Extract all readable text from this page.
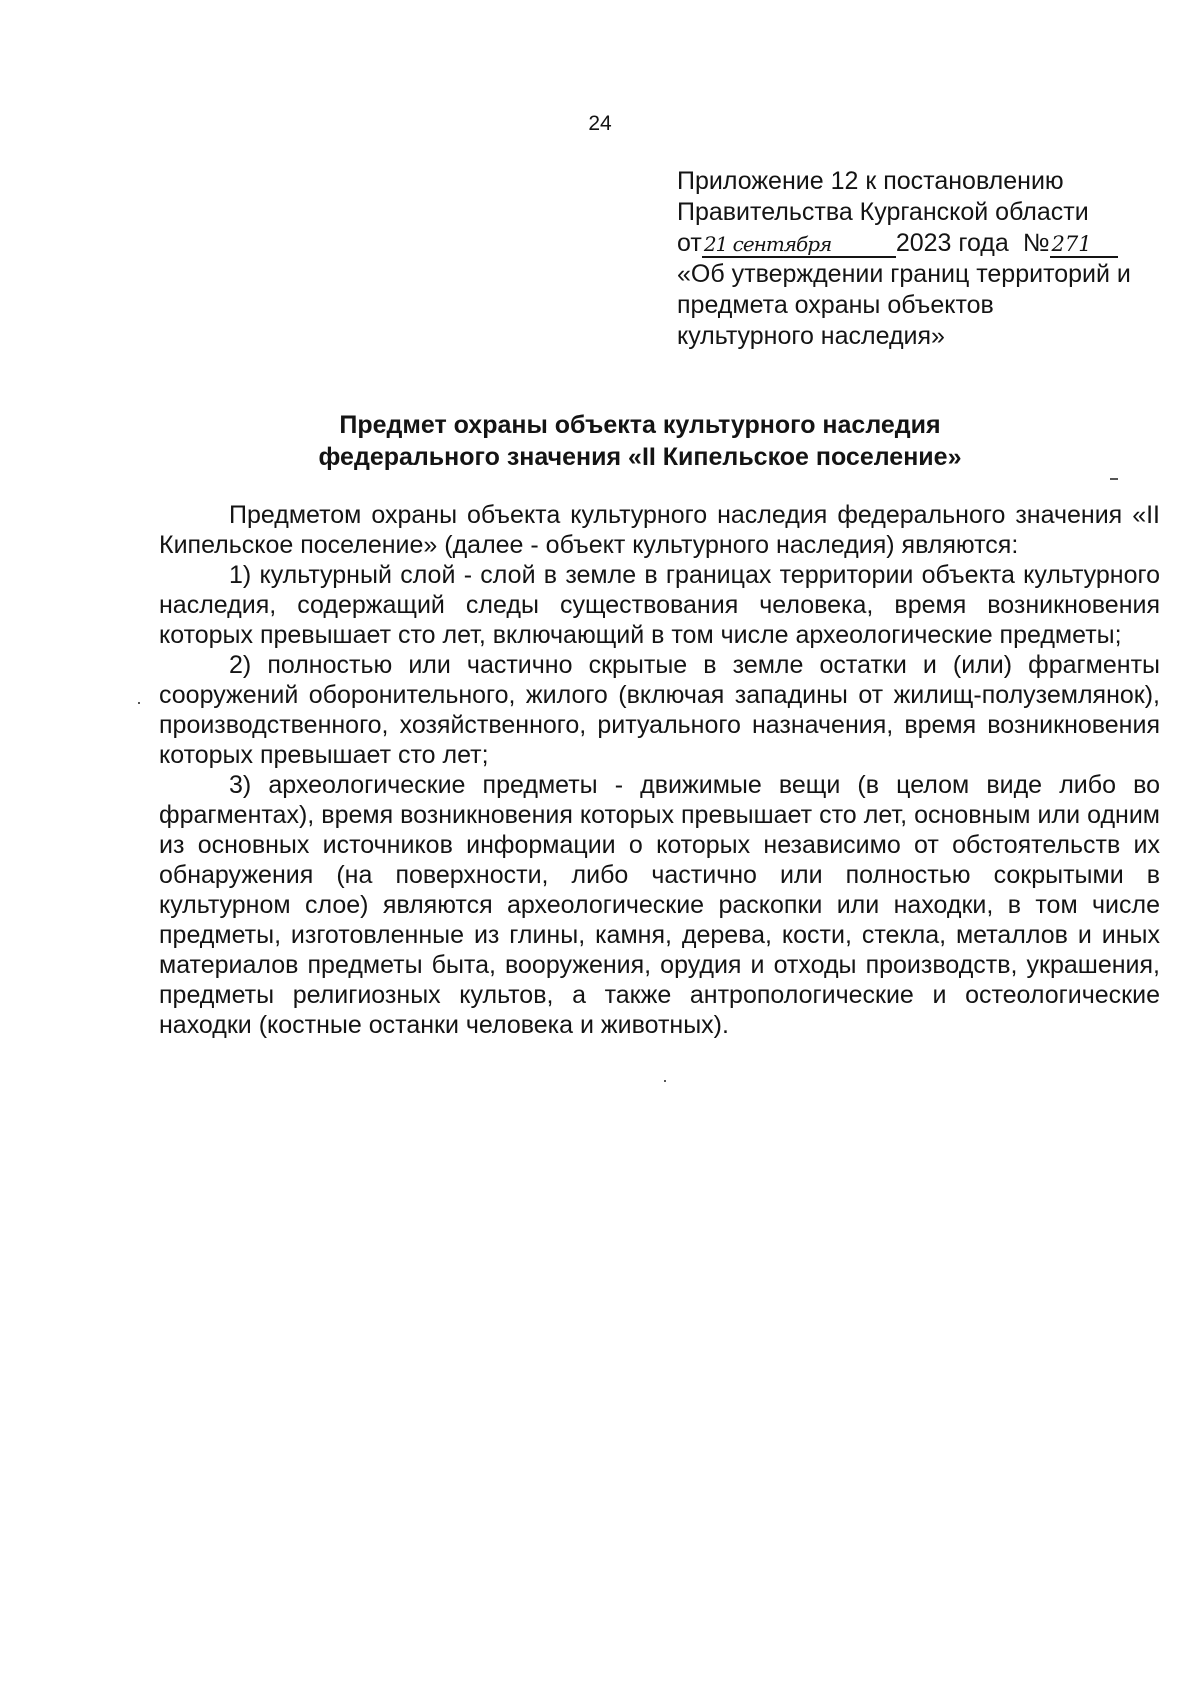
24
Приложение 12 к постановлению
Правительства Курганской области
от 21 сентября	2023 года №271
«Об утверждении границ территорий и
предмета охраны объектов
культурного наследия»
Предмет охраны объекта культурного наследия
федерального значения «II Кипельское поселение»

Предметом охраны объекта культурного наследия федерального значения «II Кипельское поселение» (далее - объект культурного наследия) являются:

1) культурный слой - слой в земле в границах территории объекта культурного наследия, содержащий следы существования человека, время возникновения которых превышает сто лет, включающий в том числе археологические предметы;

2) полностью или частично скрытые в земле остатки и (или) фрагменты сооружений оборонительного, жилого (включая западины от жилищ-полуземлянок), производственного, хозяйственного, ритуального назначения, время возникновения которых превышает сто лет;

3) археологические предметы - движимые вещи (в целом виде либо во фрагментах), время возникновения которых превышает сто лет, основным или одним из основных источников информации о которых независимо от обстоятельств их обнаружения (на поверхности, либо частично или полностью сокрытыми в культурном слое) являются археологические раскопки или находки, в том числе предметы, изготовленные из глины, камня, дерева, кости, стекла, металлов и иных материалов предметы быта, вооружения, орудия и отходы производств, украшения, предметы религиозных культов, а также антропологические и остеологические находки (костные останки человека и животных).
